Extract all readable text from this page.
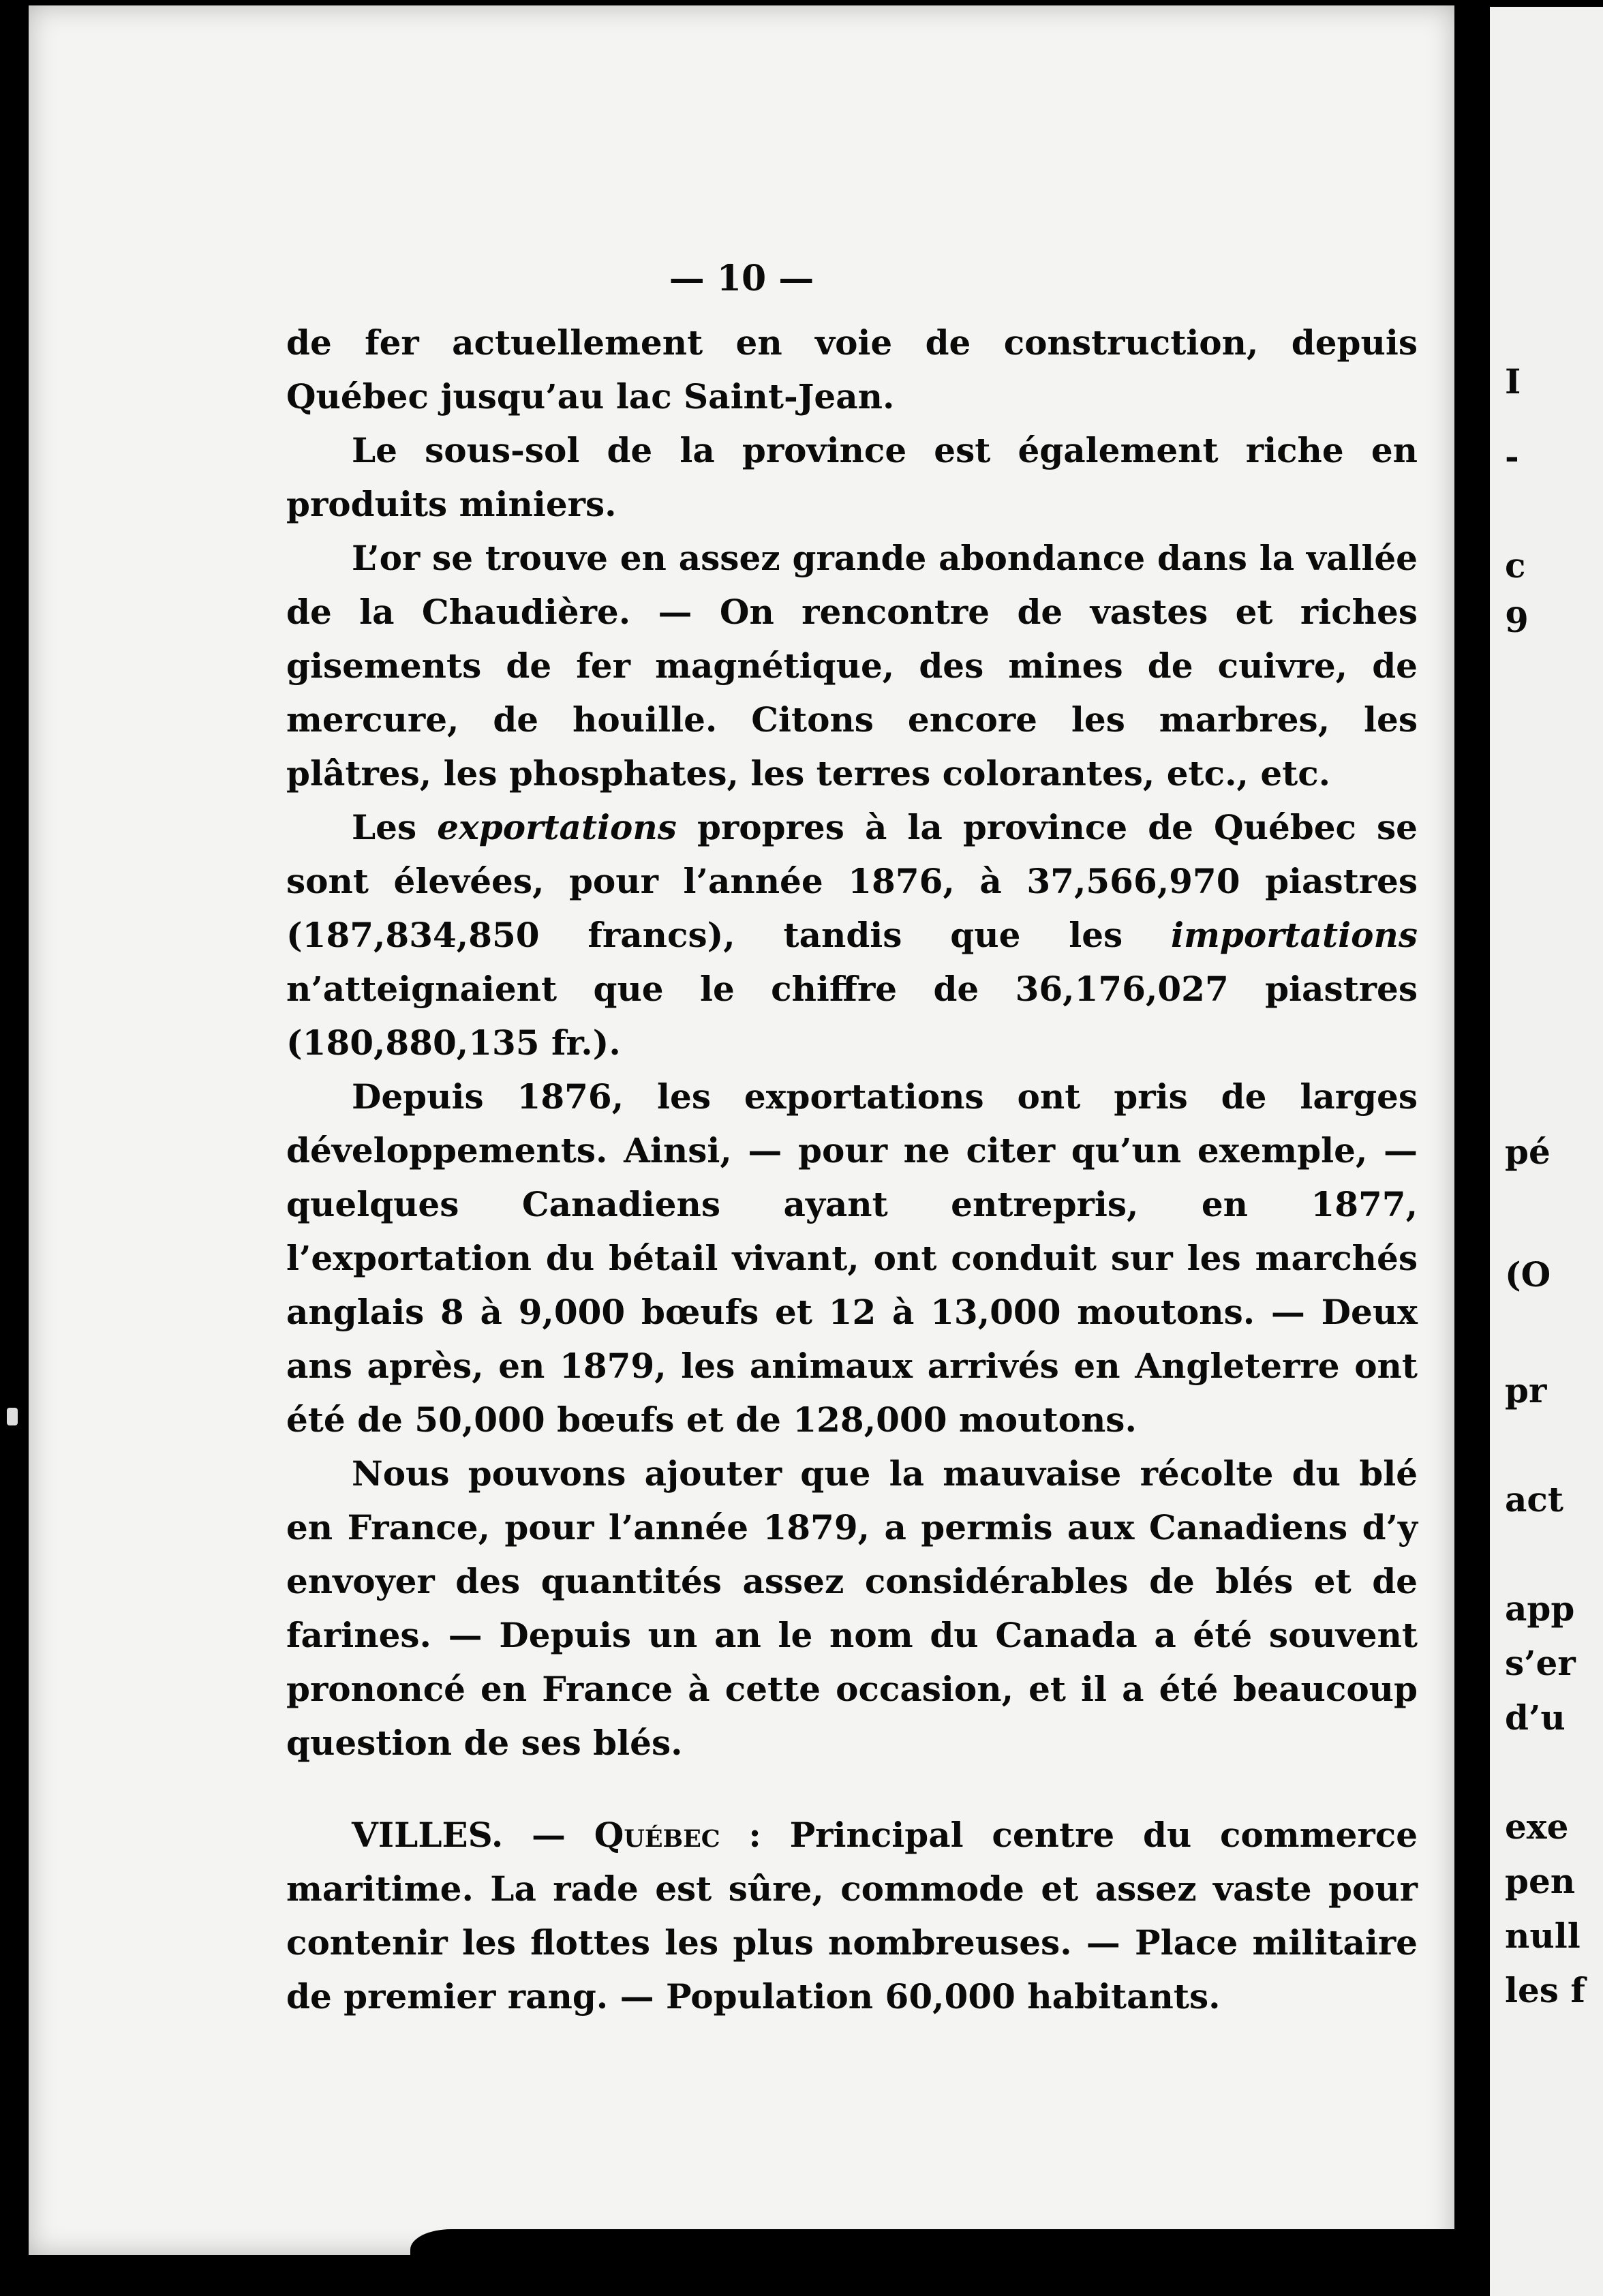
— 10 —

de fer actuellement en voie de construction, depuis Québec jusqu’au lac Saint-Jean.

Le sous-sol de la province est également riche en produits miniers.

L’or se trouve en assez grande abondance dans la vallée de la Chaudière. — On rencontre de vastes et riches gisements de fer magnétique, des mines de cuivre, de mercure, de houille. Citons encore les marbres, les plâtres, les phosphates, les terres colorantes, etc., etc.

Les exportations propres à la province de Québec se sont élevées, pour l’année 1876, à 37,566,970 piastres (187,834,850 francs), tandis que les importations n’atteignaient que le chiffre de 36,176,027 piastres (180,880,135 fr.).

Depuis 1876, les exportations ont pris de larges développements. Ainsi, — pour ne citer qu’un exemple, — quelques Canadiens ayant entrepris, en 1877, l’exportation du bétail vivant, ont conduit sur les marchés anglais 8 à 9,000 bœufs et 12 à 13,000 moutons. — Deux ans après, en 1879, les animaux arrivés en Angleterre ont été de 50,000 bœufs et de 128,000 moutons.

Nous pouvons ajouter que la mauvaise récolte du blé en France, pour l’année 1879, a permis aux Canadiens d’y envoyer des quantités assez considérables de blés et de farines. — Depuis un an le nom du Canada a été souvent prononcé en France à cette occasion, et il a été beaucoup question de ses blés.

VILLES. — Québec : Principal centre du commerce maritime. La rade est sûre, commode et assez vaste pour contenir les flottes les plus nombreuses. — Place militaire de premier rang. — Population 60,000 habitants.

I
-
c
9
pé
(O
pr
act
app
s’er
d’u
exe
pen
null
les f
